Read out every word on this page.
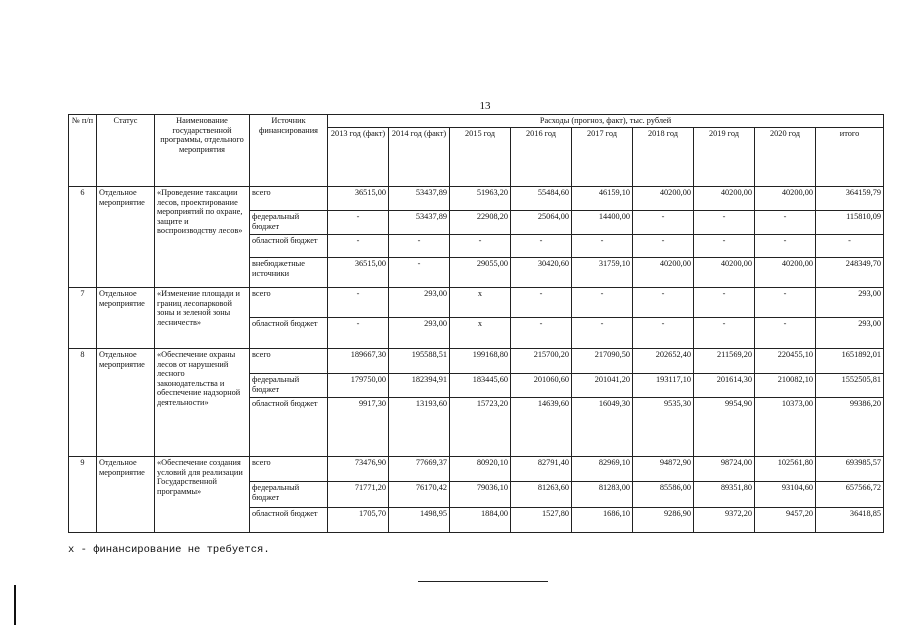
13
№ п/п	Статус	Наименование государственной программы, отдельного мероприятия	Источник финансирования	Расходы (прогноз, факт), тыс. рублей								
				2013 год (факт)	2014 год (факт)	2015 год	2016 год	2017 год	2018 год	2019 год	2020 год	итого
6	Отдельное мероприятие	«Проведение таксации лесов, проектирование мероприятий по охране, защите и воспроизводству лесов»	всего	36515,00	53437,89	51963,20	55484,60	46159,10	40200,00	40200,00	40200,00	364159,79
			федеральный бюджет	-	53437,89	22908,20	25064,00	14400,00	-	-	-	115810,09
			областной бюджет	-	-	-	-	-	-	-	-	-
			внебюджетные источники	36515,00	-	29055,00	30420,60	31759,10	40200,00	40200,00	40200,00	248349,70
7	Отдельное мероприятие	«Изменение площади и границ лесопарковой зоны и зеленой зоны лесничеств»	всего	-	293,00	х	-	-	-	-	-	293,00
			областной бюджет	-	293,00	х	-	-	-	-	-	293,00
8	Отдельное мероприятие	«Обеспечение охраны лесов от нарушений лесного законодательства и обеспечение надзорной деятельности»	всего	189667,30	195588,51	199168,80	215700,20	217090,50	202652,40	211569,20	220455,10	1651892,01
			федеральный бюджет	179750,00	182394,91	183445,60	201060,60	201041,20	193117,10	201614,30	210082,10	1552505,81
			областной бюджет	9917,30	13193,60	15723,20	14639,60	16049,30	9535,30	9954,90	10373,00	99386,20
9	Отдельное мероприятие	«Обеспечение создания условий для реализации Государственной программы»	всего	73476,90	77669,37	80920,10	82791,40	82969,10	94872,90	98724,00	102561,80	693985,57
			федеральный бюджет	71771,20	76170,42	79036,10	81263,60	81283,00	85586,00	89351,80	93104,60	657566,72
			областной бюджет	1705,70	1498,95	1884,00	1527,80	1686,10	9286,90	9372,20	9457,20	36418,85
х - финансирование не требуется.
